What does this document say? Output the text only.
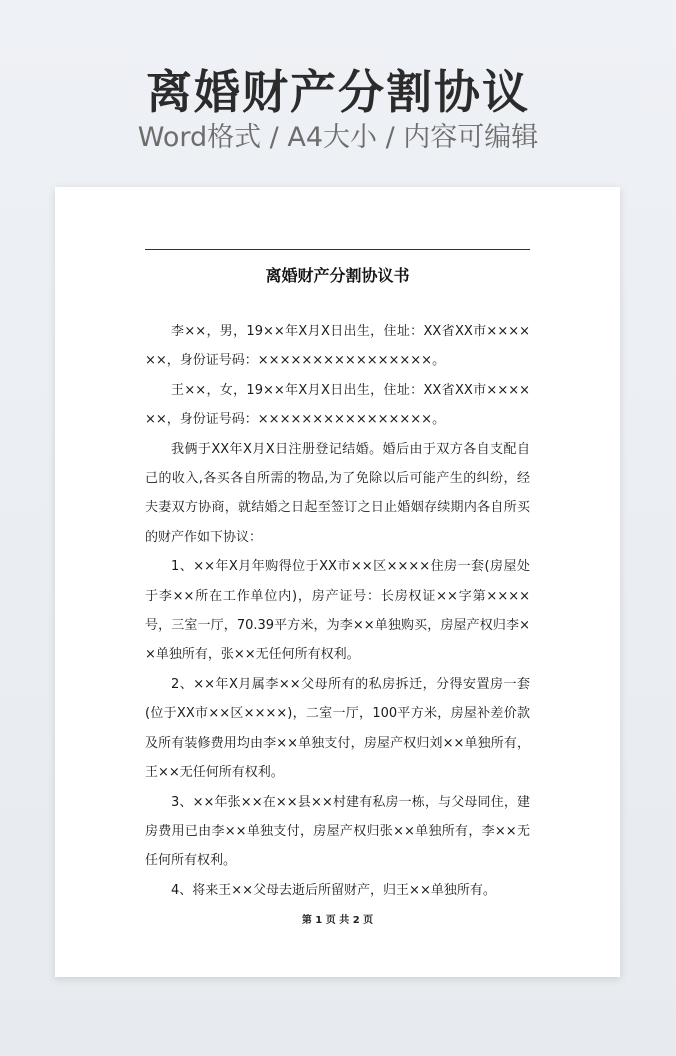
离婚财产分割协议
Word格式 / A4大小 / 内容可编辑
离婚财产分割协议书

李××，男，19××年X月X日出生，住址：XX省XX市××××××，身份证号码：××××××××××××××××。

王××，女，19××年X月X日出生，住址：XX省XX市××××××，身份证号码：××××××××××××××××。

我俩于XX年X月X日注册登记结婚。婚后由于双方各自支配自己的收入,各买各自所需的物品,为了免除以后可能产生的纠纷，经夫妻双方协商，就结婚之日起至签订之日止婚姻存续期内各自所买的财产作如下协议：

1、××年X月年购得位于XX市××区××××住房一套(房屋处于李××所在工作单位内)，房产证号：长房权证××字第××××号，三室一厅，70.39平方米，为李××单独购买，房屋产权归李××单独所有，张××无任何所有权利。

2、××年X月属李××父母所有的私房拆迁，分得安置房一套(位于XX市××区××××)，二室一厅，100平方米，房屋补差价款及所有装修费用均由李××单独支付，房屋产权归刘××单独所有，王××无任何所有权利。

3、××年张××在××县××村建有私房一栋，与父母同住，建房费用已由李××单独支付，房屋产权归张××单独所有，李××无任何所有权利。

4、将来王××父母去逝后所留财产，归王××单独所有。

第 1 页 共 2 页
